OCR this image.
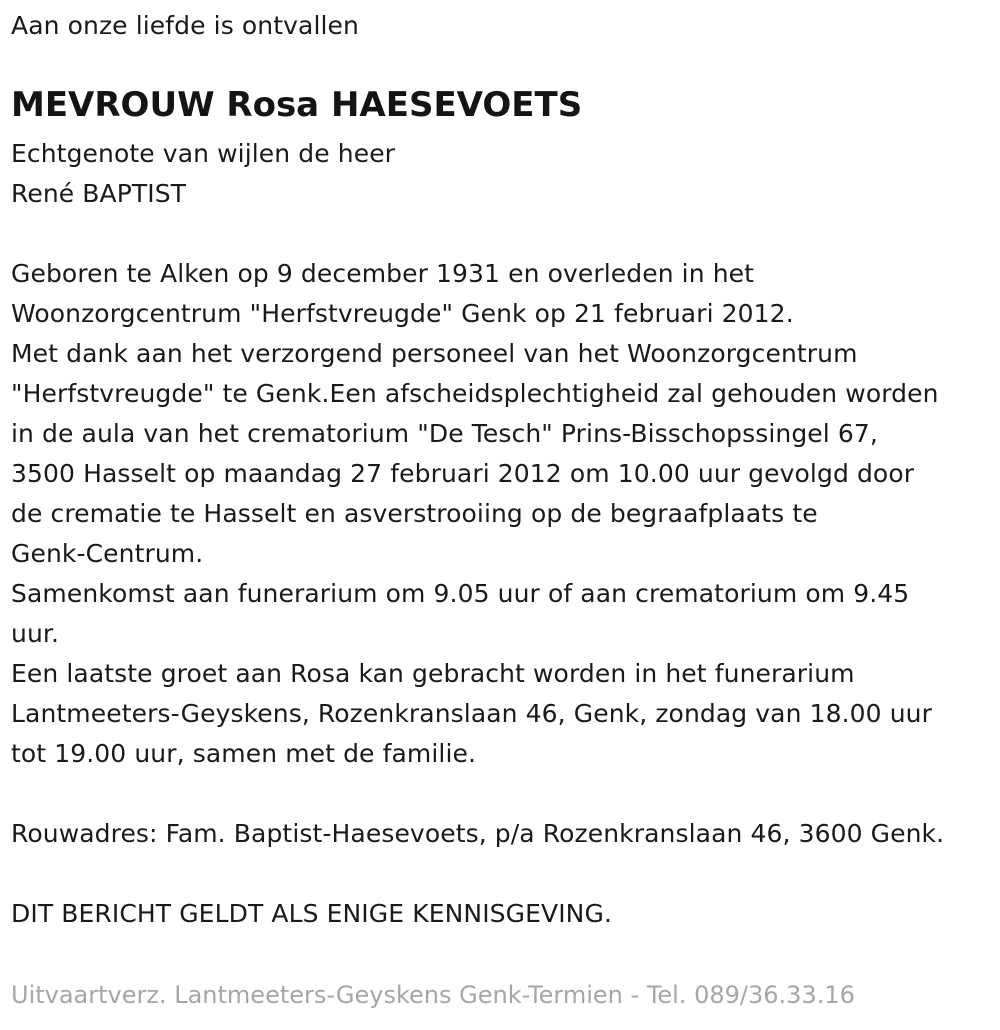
Aan onze liefde is ontvallen
MEVROUW Rosa HAESEVOETS
Echtgenote van wijlen de heer
René BAPTIST
Geboren te Alken op 9 december 1931 en overleden in het
Woonzorgcentrum "Herfstvreugde" Genk op 21 februari 2012.
Met dank aan het verzorgend personeel van het Woonzorgcentrum
"Herfstvreugde" te Genk.Een afscheidsplechtigheid zal gehouden worden
in de aula van het crematorium "De Tesch" Prins-Bisschopssingel 67,
3500 Hasselt op maandag 27 februari 2012 om 10.00 uur gevolgd door
de crematie te Hasselt en asverstrooiing op de begraafplaats te
Genk-Centrum.
Samenkomst aan funerarium om 9.05 uur of aan crematorium om 9.45
uur.
Een laatste groet aan Rosa kan gebracht worden in het funerarium
Lantmeeters-Geyskens, Rozenkranslaan 46, Genk, zondag van 18.00 uur
tot 19.00 uur, samen met de familie.
Rouwadres: Fam. Baptist-Haesevoets, p/a Rozenkranslaan 46, 3600 Genk.
DIT BERICHT GELDT ALS ENIGE KENNISGEVING.
Uitvaartverz. Lantmeeters-Geyskens Genk-Termien - Tel. 089/36.33.16
